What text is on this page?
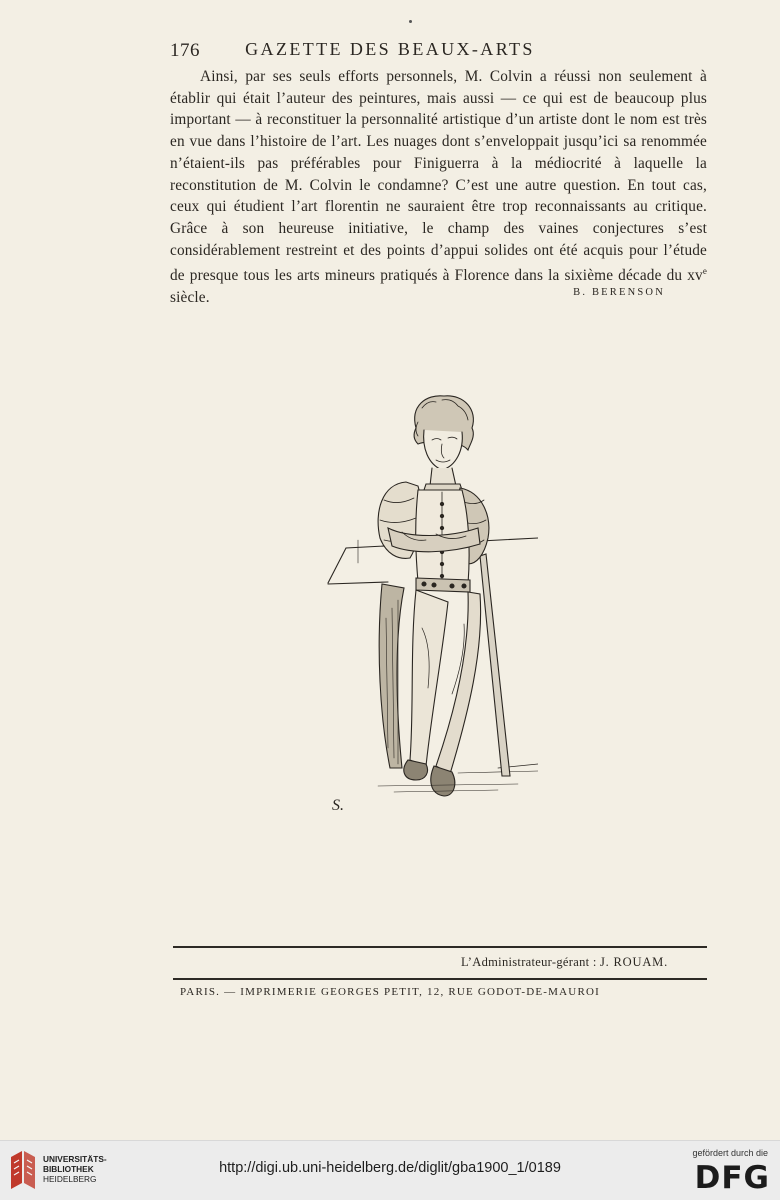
176	GAZETTE DES BEAUX-ARTS

Ainsi, par ses seuls efforts personnels, M. Colvin a réussi non seulement à établir qui était l’auteur des peintures, mais aussi — ce qui est de beaucoup plus important — à reconstituer la personnalité artistique d’un artiste dont le nom est très en vue dans l’histoire de l’art. Les nuages dont s’enveloppait jusqu’ici sa renommée n’étaient-ils pas préférables pour Finiguerra à la médiocrité à laquelle la reconstitution de M. Colvin le condamne? C’est une autre question. En tout cas, ceux qui étudient l’art florentin ne sauraient être trop reconnaissants au critique. Grâce à son heureuse initiative, le champ des vaines conjectures s’est considérablement restreint et des points d’appui solides ont été acquis pour l’étude de presque tous les arts mineurs pratiqués à Florence dans la sixième décade du $xv^e$ siècle.	B. BERENSON
S.
L’Administrateur-gérant : J. ROUAM.
PARIS. — IMPRIMERIE GEORGES PETIT, 12, RUE GODOT-DE-MAUROI
UNIVERSITÄTS-
BIBLIOTHEK
HEIDELBERG
http://digi.ub.uni-heidelberg.de/diglit/gba1900_1/0189
gefördert durch die
DFG
